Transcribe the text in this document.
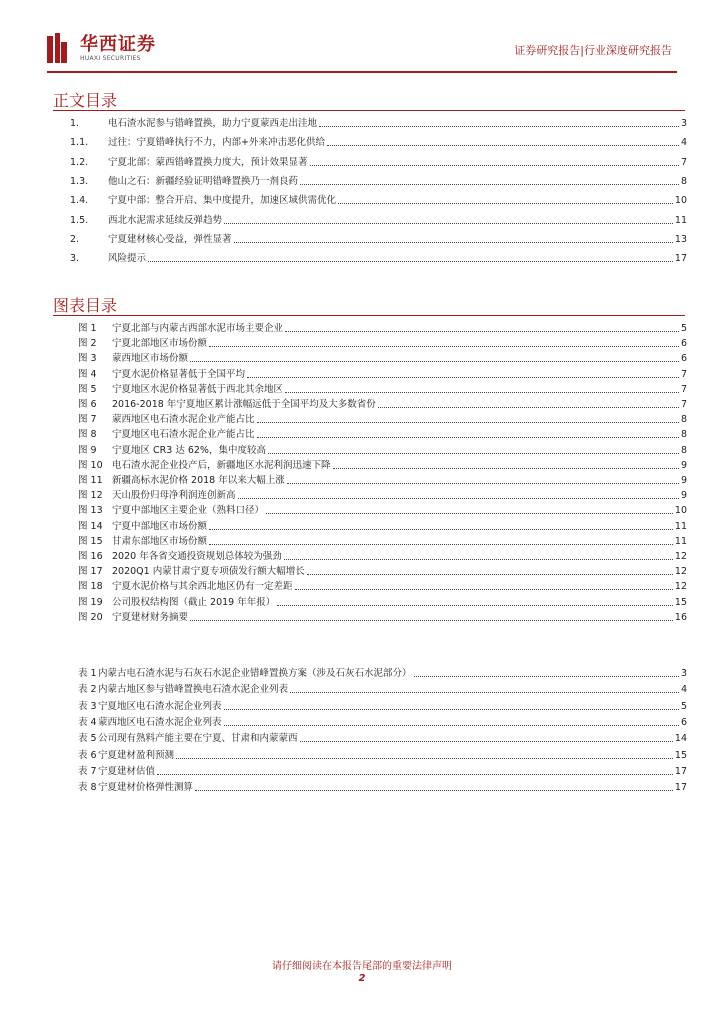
华西证券
HUAXI SECURITIES
证券研究报告|行业深度研究报告
正文目录
1.	电石渣水泥参与错峰置换，助力宁夏蒙西走出洼地	3
1.1.	过往：宁夏错峰执行不力，内部+外来冲击恶化供给	4
1.2.	宁夏北部：蒙西错峰置换力度大，预计效果显著	7
1.3.	他山之石：新疆经验证明错峰置换乃一剂良药	8
1.4.	宁夏中部：整合开启、集中度提升，加速区域供需优化	10
1.5.	西北水泥需求延续反弹趋势	11
2.	宁夏建材核心受益，弹性显著	13
3.	风险提示	17
图表目录
图 1	宁夏北部与内蒙古西部水泥市场主要企业	5
图 2	宁夏北部地区市场份额	6
图 3	蒙西地区市场份额	6
图 4	宁夏水泥价格显著低于全国平均	7
图 5	宁夏地区水泥价格显著低于西北其余地区	7
图 6	2016-2018 年宁夏地区累计涨幅远低于全国平均及大多数省份	7
图 7	蒙西地区电石渣水泥企业产能占比	8
图 8	宁夏地区电石渣水泥企业产能占比	8
图 9	宁夏地区 CR3 达 62%，集中度较高	8
图 10 电石渣水泥企业投产后，新疆地区水泥利润迅速下降	9
图 11 新疆高标水泥价格 2018 年以来大幅上涨	9
图 12 天山股份归母净利润连创新高	9
图 13 宁夏中部地区主要企业（熟料口径）	10
图 14 宁夏中部地区市场份额	11
图 15 甘肃东部地区市场份额	11
图 16 2020 年各省交通投资规划总体较为强劲	12
图 17 2020Q1 内蒙甘肃宁夏专项债发行额大幅增长	12
图 18 宁夏水泥价格与其余西北地区仍有一定差距	12
图 19 公司股权结构图（截止 2019 年年报）	15
图 20 宁夏建材财务摘要	16
表 1 内蒙古电石渣水泥与石灰石水泥企业错峰置换方案（涉及石灰石水泥部分）	3
表 2 内蒙古地区参与错峰置换电石渣水泥企业列表	4
表 3 宁夏地区电石渣水泥企业列表	5
表 4 蒙西地区电石渣水泥企业列表	6
表 5 公司现有熟料产能主要在宁夏、甘肃和内蒙蒙西	14
表 6 宁夏建材盈利预测	15
表 7 宁夏建材估值	17
表 8 宁夏建材价格弹性测算	17
请仔细阅读在本报告尾部的重要法律声明
2
